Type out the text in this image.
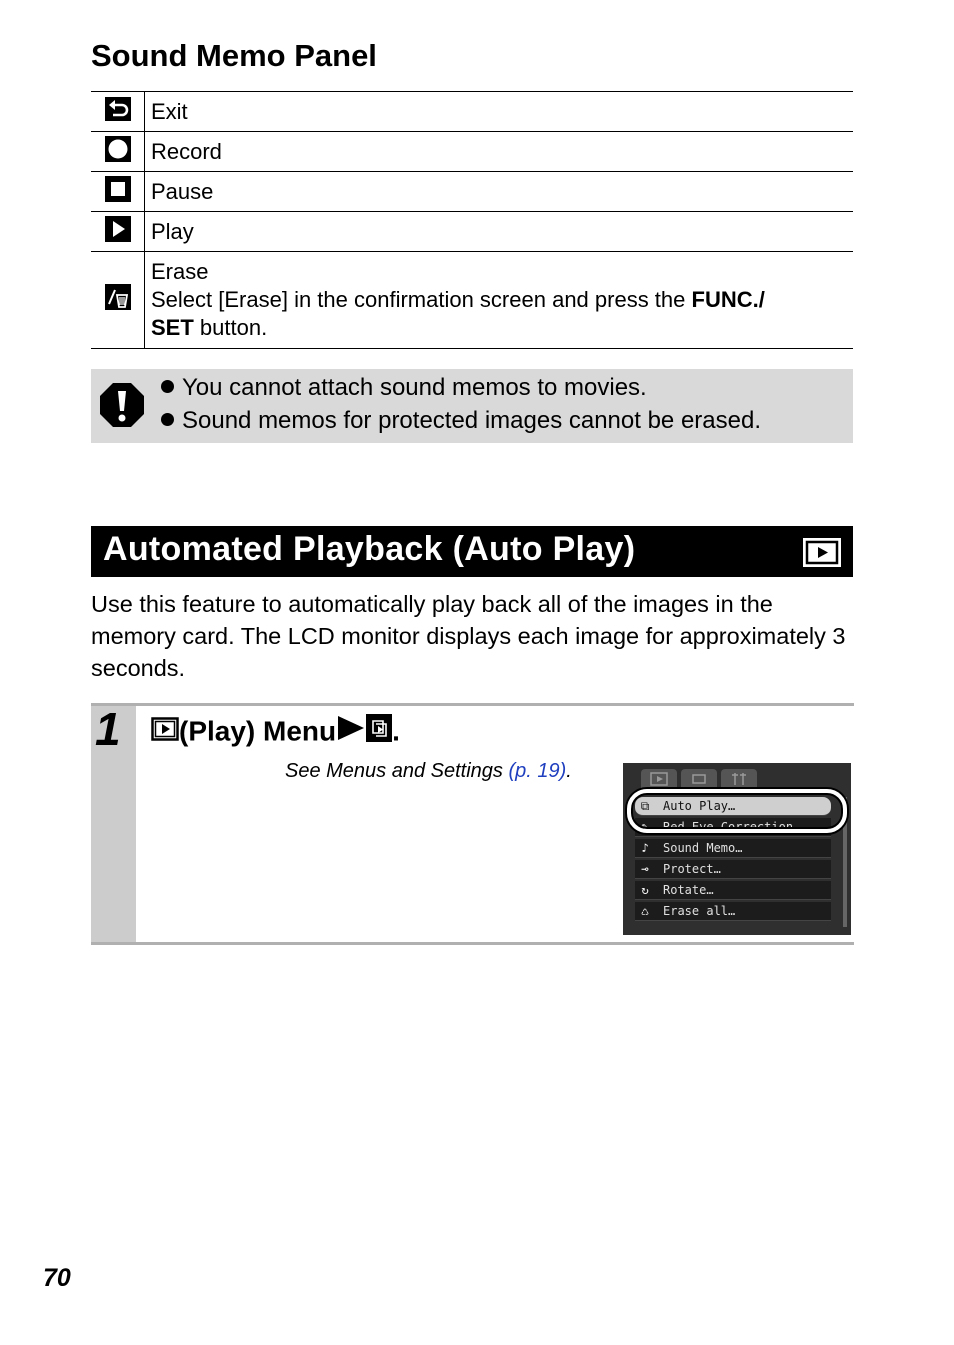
Sound Memo Panel
	Exit
	Record
	Pause
	Play

Erase
Select [Erase] in the confirmation screen and press the FUNC./
SET button.
You cannot attach sound memos to movies.
Sound memos for protected images cannot be erased.
Automated Playback (Auto Play)

Use this feature to automatically play back all of the images in the memory card. The LCD monitor displays each image for approximately 3 seconds.

1	(Play) Menu .
See Menus and Settings (p. 19).
⧉ Auto Play…
✎ Red-Eye Correction…
♪ Sound Memo…
⊸ Protect…
↻ Rotate…
♺ Erase all…
70
